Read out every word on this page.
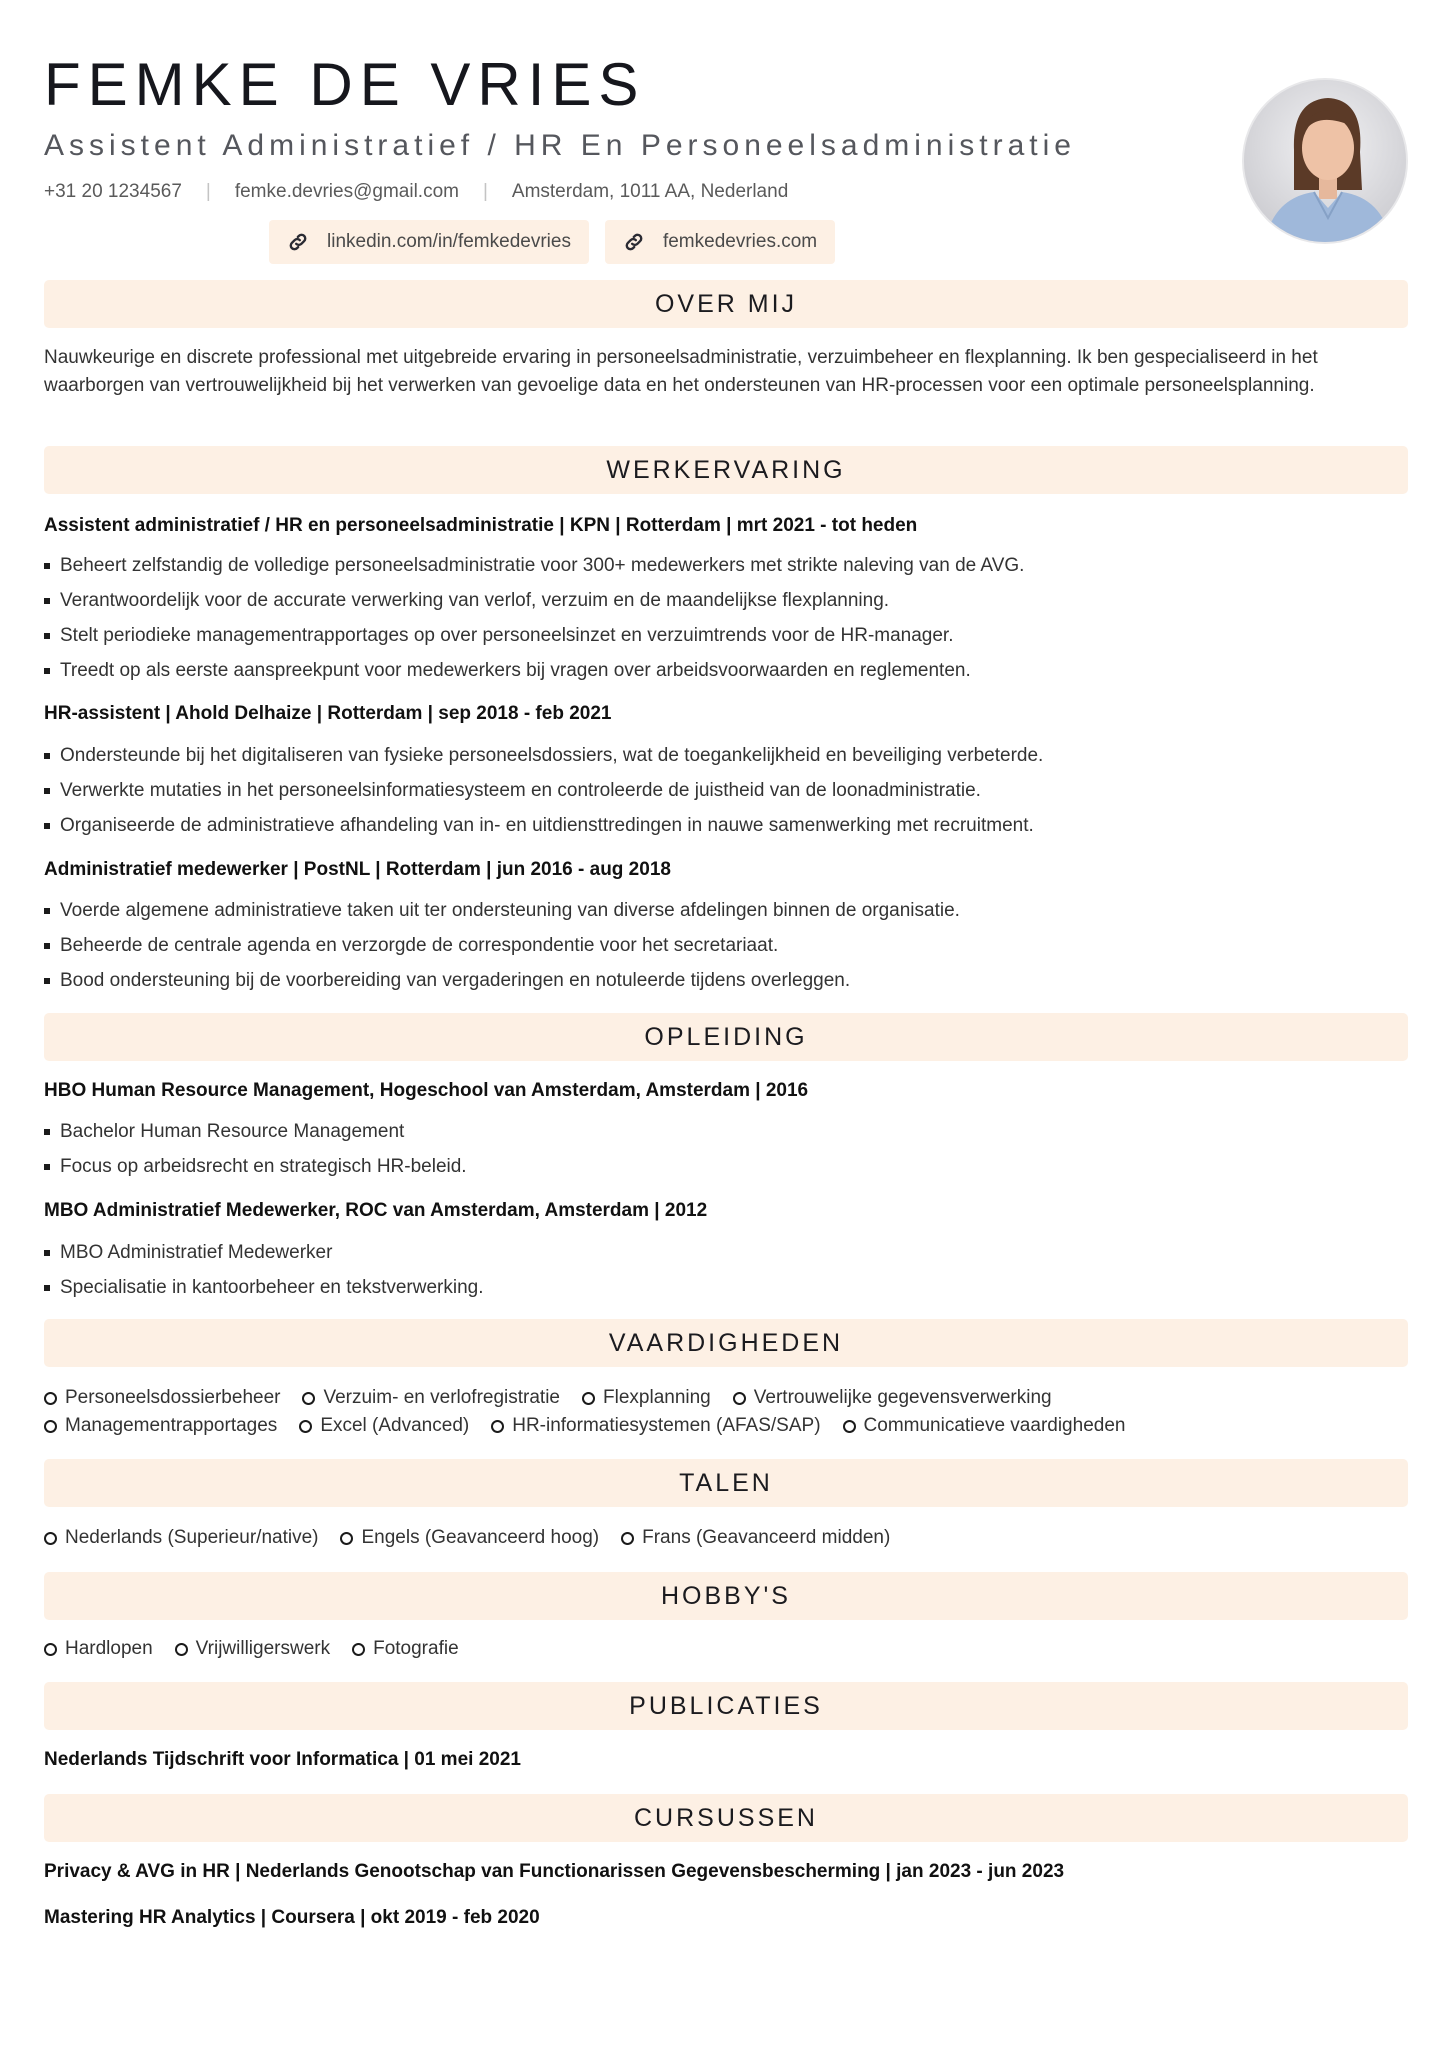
FEMKE DE VRIES
Assistent Administratief / HR En Personeelsadministratie
+31 20 1234567 | femke.devries@gmail.com | Amsterdam, 1011 AA, Nederland
linkedin.com/in/femkedevries	femkedevries.com
OVER MIJ
Nauwkeurige en discrete professional met uitgebreide ervaring in personeelsadministratie, verzuimbeheer en flexplanning. Ik ben gespecialiseerd in het waarborgen van vertrouwelijkheid bij het verwerken van gevoelige data en het ondersteunen van HR-processen voor een optimale personeelsplanning.
WERKERVARING
Assistent administratief / HR en personeelsadministratie | KPN | Rotterdam | mrt 2021 - tot heden
Beheert zelfstandig de volledige personeelsadministratie voor 300+ medewerkers met strikte naleving van de AVG.
Verantwoordelijk voor de accurate verwerking van verlof, verzuim en de maandelijkse flexplanning.
Stelt periodieke managementrapportages op over personeelsinzet en verzuimtrends voor de HR-manager.
Treedt op als eerste aanspreekpunt voor medewerkers bij vragen over arbeidsvoorwaarden en reglementen.
HR-assistent | Ahold Delhaize | Rotterdam | sep 2018 - feb 2021
Ondersteunde bij het digitaliseren van fysieke personeelsdossiers, wat de toegankelijkheid en beveiliging verbeterde.
Verwerkte mutaties in het personeelsinformatiesysteem en controleerde de juistheid van de loonadministratie.
Organiseerde de administratieve afhandeling van in- en uitdiensttredingen in nauwe samenwerking met recruitment.
Administratief medewerker | PostNL | Rotterdam | jun 2016 - aug 2018
Voerde algemene administratieve taken uit ter ondersteuning van diverse afdelingen binnen de organisatie.
Beheerde de centrale agenda en verzorgde de correspondentie voor het secretariaat.
Bood ondersteuning bij de voorbereiding van vergaderingen en notuleerde tijdens overleggen.
OPLEIDING
HBO Human Resource Management, Hogeschool van Amsterdam, Amsterdam | 2016
Bachelor Human Resource Management
Focus op arbeidsrecht en strategisch HR-beleid.
MBO Administratief Medewerker, ROC van Amsterdam, Amsterdam | 2012
MBO Administratief Medewerker
Specialisatie in kantoorbeheer en tekstverwerking.
VAARDIGHEDEN
Personeelsdossierbeheer	Verzuim- en verlofregistratie	Flexplanning	Vertrouwelijke gegevensverwerking
Managementrapportages	Excel (Advanced)	HR-informatiesystemen (AFAS/SAP)	Communicatieve vaardigheden
TALEN
Nederlands (Superieur/native)	Engels (Geavanceerd hoog)	Frans (Geavanceerd midden)
HOBBY'S
Hardlopen	Vrijwilligerswerk	Fotografie
PUBLICATIES
Nederlands Tijdschrift voor Informatica | 01 mei 2021
CURSUSSEN
Privacy & AVG in HR | Nederlands Genootschap van Functionarissen Gegevensbescherming | jan 2023 - jun 2023
Mastering HR Analytics | Coursera | okt 2019 - feb 2020
